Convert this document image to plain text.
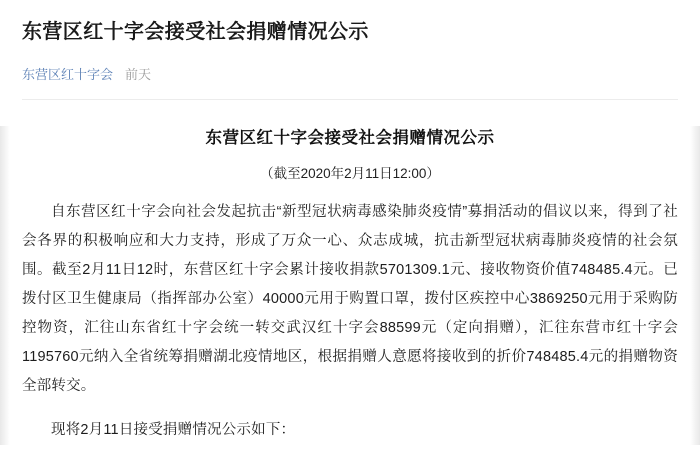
东营区红十字会接受社会捐赠情况公示
东营区红十字会 前天
东营区红十字会接受社会捐赠情况公示
（截至2020年2月11日12:00）

自东营区红十字会向社会发起抗击“新型冠状病毒感染肺炎疫情”募捐活动的倡议以来，得到了社会各界的积极响应和大力支持，形成了万众一心、众志成城，抗击新型冠状病毒肺炎疫情的社会氛围。截至2月11日12时，东营区红十字会累计接收捐款5701309.1元、接收物资价值748485.4元。已拨付区卫生健康局（指挥部办公室）40000元用于购置口罩，拨付区疾控中心3869250元用于采购防控物资，汇往山东省红十字会统一转交武汉红十字会88599元（定向捐赠），汇往东营市红十字会1195760元纳入全省统筹捐赠湖北疫情地区，根据捐赠人意愿将接收到的折价748485.4元的捐赠物资全部转交。

现将2月11日接受捐赠情况公示如下：
